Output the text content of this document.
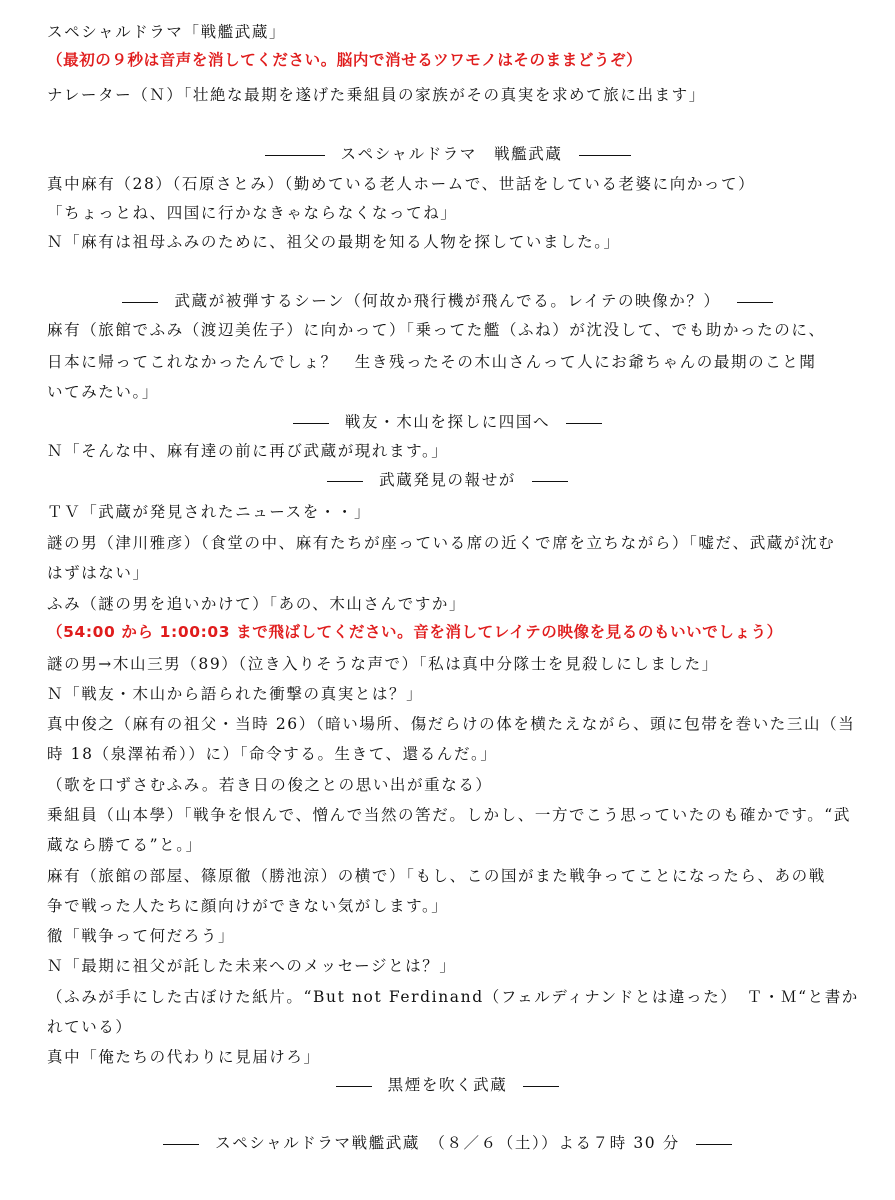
スペシャルドラマ「戦艦武蔵」
（最初の９秒は音声を消してください。脳内で消せるツワモノはそのままどうぞ）
ナレーター（Ｎ）「壮絶な最期を遂げた乗組員の家族がその真実を求めて旅に出ます」
スペシャルドラマ　戦艦武蔵
真中麻有（28）（石原さとみ）（勤めている老人ホームで、世話をしている老婆に向かって）
「ちょっとね、四国に行かなきゃならなくなってね」
Ｎ「麻有は祖母ふみのために、祖父の最期を知る人物を探していました。」
武蔵が被弾するシーン（何故か飛行機が飛んでる。レイテの映像か？）
麻有（旅館でふみ（渡辺美佐子）に向かって）「乗ってた艦（ふね）が沈没して、でも助かったのに、
日本に帰ってこれなかったんでしょ？　生き残ったその木山さんって人にお爺ちゃんの最期のこと聞
いてみたい。」
戦友・木山を探しに四国へ
Ｎ「そんな中、麻有達の前に再び武蔵が現れます。」
武蔵発見の報せが
ＴＶ「武蔵が発見されたニュースを・・」
謎の男（津川雅彦）（食堂の中、麻有たちが座っている席の近くで席を立ちながら）「嘘だ、武蔵が沈む
はずはない」
ふみ（謎の男を追いかけて）「あの、木山さんですか」
（54:00 から 1:00:03 まで飛ばしてください。音を消してレイテの映像を見るのもいいでしょう）
謎の男→木山三男（89）（泣き入りそうな声で）「私は真中分隊士を見殺しにしました」
Ｎ「戦友・木山から語られた衝撃の真実とは？」
真中俊之（麻有の祖父・当時 26）（暗い場所、傷だらけの体を横たえながら、頭に包帯を巻いた三山（当
時 18（泉澤祐希））に）「命令する。生きて、還るんだ。」
（歌を口ずさむふみ。若き日の俊之との思い出が重なる）
乗組員（山本學）「戦争を恨んで、憎んで当然の筈だ。しかし、一方でこう思っていたのも確かです。“武
蔵なら勝てる”と。」
麻有（旅館の部屋、篠原徹（勝池涼）の横で）「もし、この国がまた戦争ってことになったら、あの戦
争で戦った人たちに顔向けができない気がします。」
徹「戦争って何だろう」
Ｎ「最期に祖父が託した未来へのメッセージとは？」
（ふみが手にした古ぼけた紙片。“But not Ferdinand（フェルディナンドとは違った）　Ｔ・Ｍ“と書か
れている）
真中「俺たちの代わりに見届けろ」
黒煙を吹く武蔵
スペシャルドラマ戦艦武蔵　（８／６（土））よる７時 30 分
